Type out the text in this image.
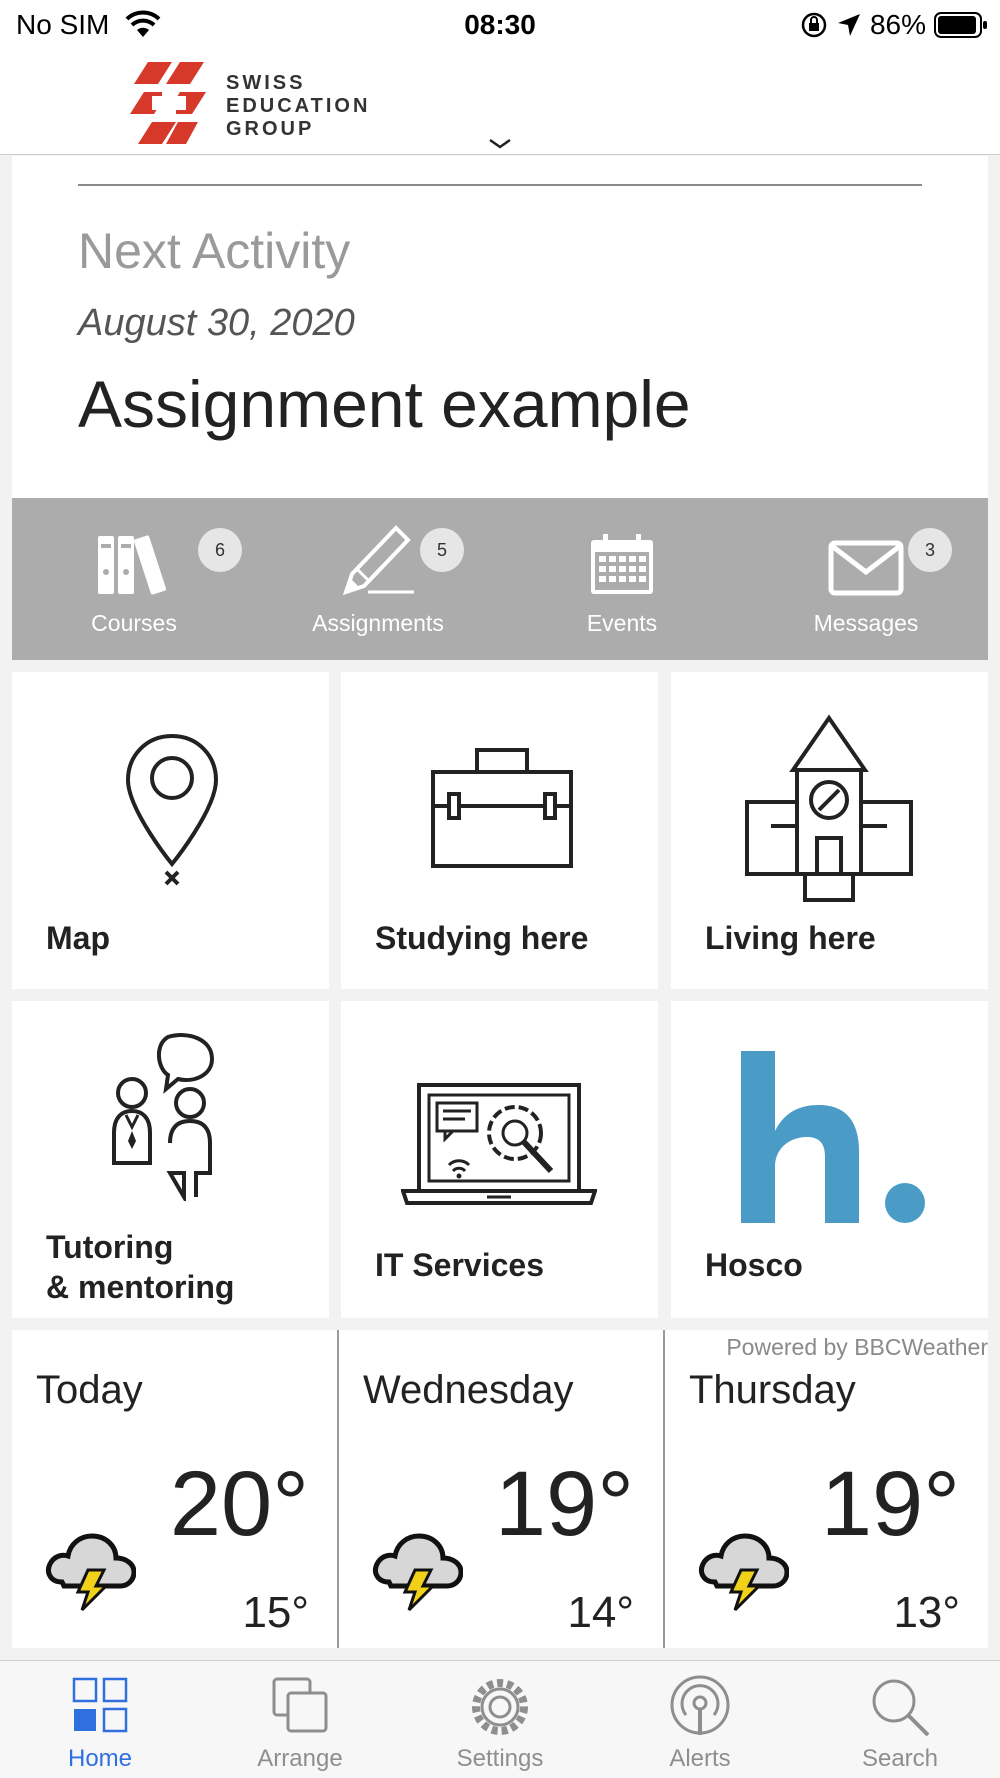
No SIM	08:30	86%
SWISS
EDUCATION
GROUP
Next Activity
August 30, 2020
Assignment example
6
Courses
5
Assignments	Events
3
Messages
Map	Studying here	Living here
Tutoring
& mentoring
IT Services	Hosco
Powered by BBCWeather
Today
20°
15°
Wednesday
19°
14°
Thursday
19°
13°
Home	Arrange	Settings	Alerts	Search
